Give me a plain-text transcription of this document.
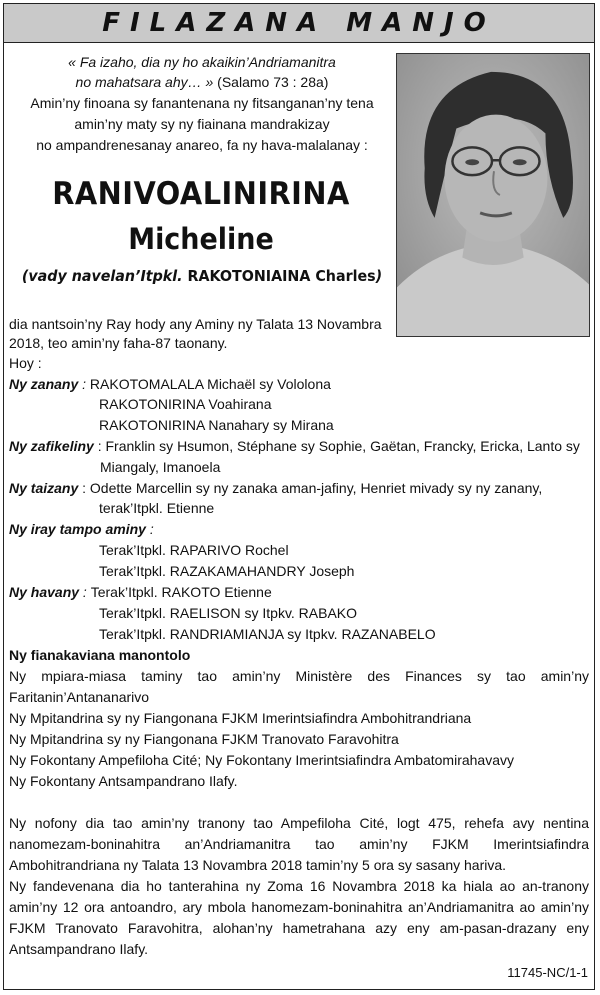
FILAZANA MANJO
« Fa izaho, dia ny ho akaikin’Andriamanitra
no mahatsara ahy… » (Salamo 73 : 28a)
Amin’ny finoana sy fanantenana ny fitsanganan’ny tena
amin’ny maty sy ny fiainana mandrakizay
no ampandrenesanay anareo, fa ny hava-malalanay :
RANIVOALINIRINA
Micheline
(vady navelan’Itpkl. RAKOTONIAINA Charles)
dia nantsoin’ny Ray hody any Aminy ny Talata 13 Novambra
2018, teo amin’ny faha-87 taonany.
Hoy :
Ny zanany : RAKOTOMALALA Michaël sy Vololona
RAKOTONIRINA Voahirana
RAKOTONIRINA Nanahary sy Mirana
Ny zafikeliny : Franklin sy Hsumon, Stéphane sy Sophie, Gaëtan, Francky, Ericka, Lanto sy
Miangaly, Imanoela
Ny taizany : Odette Marcellin sy ny zanaka aman-jafiny, Henriet mivady sy ny zanany,
terak’Itpkl. Etienne
Ny iray tampo aminy :
Terak’Itpkl. RAPARIVO Rochel
Terak’Itpkl. RAZAKAMAHANDRY Joseph
Ny havany : Terak’Itpkl. RAKOTO Etienne
Terak’Itpkl. RAELISON sy Itpkv. RABAKO
Terak’Itpkl. RANDRIAMIANJA sy Itpkv. RAZANABELO
Ny fianakaviana manontolo
Ny mpiara-miasa taminy tao amin’ny Ministère des Finances sy tao amin’ny
Faritanin’Antananarivo
Ny Mpitandrina sy ny Fiangonana FJKM Imerintsiafindra Ambohitrandriana
Ny Mpitandrina sy ny Fiangonana FJKM Tranovato Faravohitra
Ny Fokontany Ampefiloha Cité; Ny Fokontany Imerintsiafindra Ambatomirahavavy
Ny Fokontany Antsampandrano Ilafy.
Ny nofony dia tao amin’ny tranony tao Ampefiloha Cité, logt 475, rehefa avy nentina
nanomezam-boninahitra an’Andriamanitra tao amin’ny FJKM Imerintsiafindra
Ambohitrandriana ny Talata 13 Novambra 2018 tamin’ny 5 ora sy sasany hariva.
Ny fandevenana dia ho tanterahina ny Zoma 16 Novambra 2018 ka hiala ao an-tranony
amin’ny 12 ora antoandro, ary mbola hanomezam-boninahitra an’Andriamanitra ao amin’ny
FJKM Tranovato Faravohitra, alohan’ny hametrahana azy eny am-pasan-drazany eny
Antsampandrano Ilafy.
11745-NC/1-1
